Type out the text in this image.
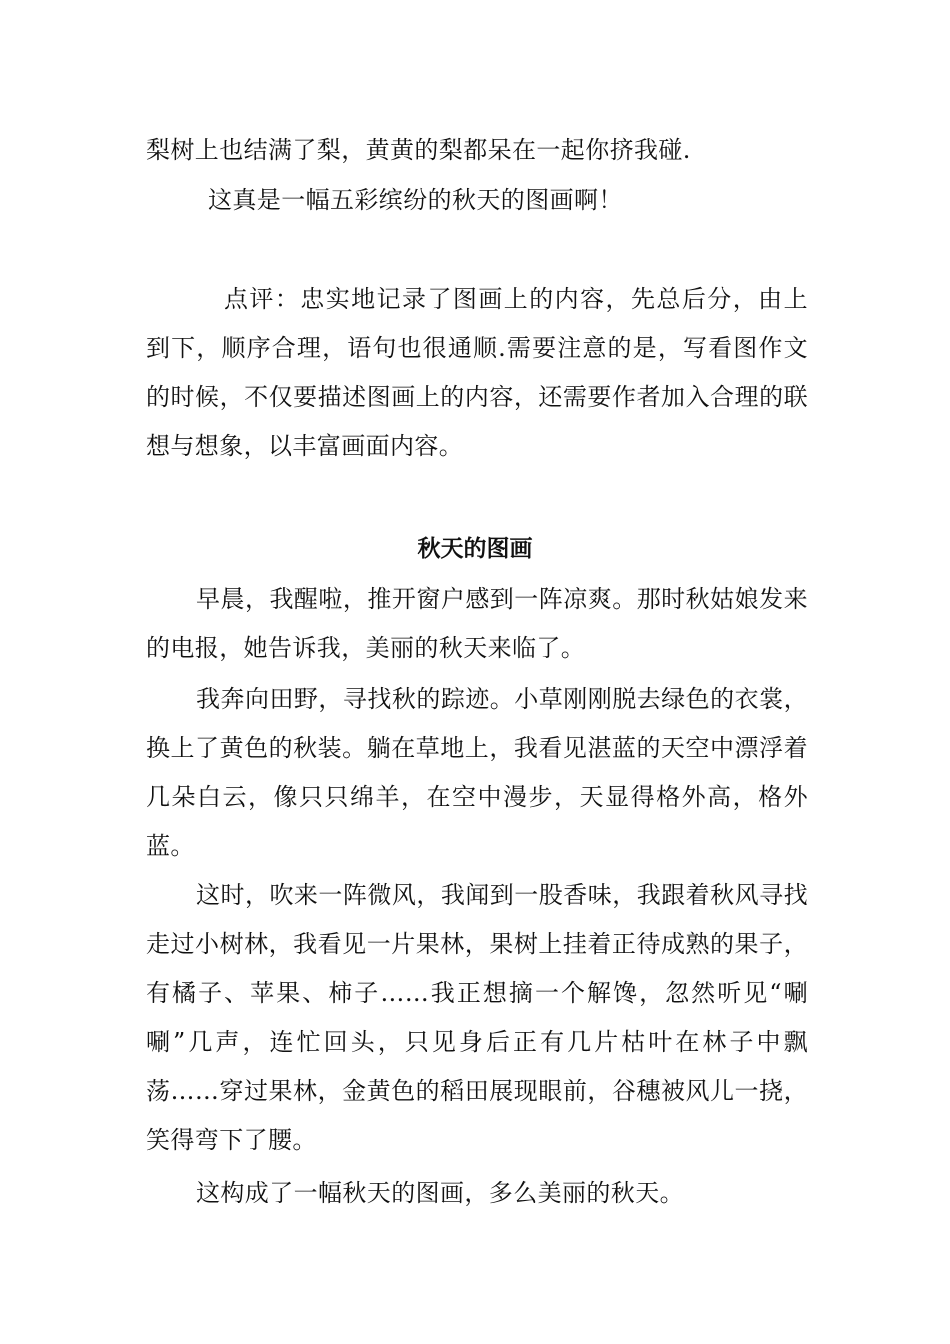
梨树上也结满了梨，黄黄的梨都呆在一起你挤我碰.

这真是一幅五彩缤纷的秋天的图画啊！

点评：忠实地记录了图画上的内容，先总后分，由上到下，顺序合理，语句也很通顺.需要注意的是，写看图作文的时候，不仅要描述图画上的内容，还需要作者加入合理的联想与想象，以丰富画面内容。

秋天的图画

早晨，我醒啦，推开窗户感到一阵凉爽。那时秋姑娘发来的电报，她告诉我，美丽的秋天来临了。

我奔向田野，寻找秋的踪迹。小草刚刚脱去绿色的衣裳，换上了黄色的秋装。躺在草地上，我看见湛蓝的天空中漂浮着几朵白云，像只只绵羊，在空中漫步，天显得格外高，格外蓝。

这时，吹来一阵微风，我闻到一股香味，我跟着秋风寻找走过小树林，我看见一片果林，果树上挂着正待成熟的果子，有橘子、苹果、柿子……我正想摘一个解馋，忽然听见“唰唰”几声，连忙回头，只见身后正有几片枯叶在林子中飘荡……穿过果林，金黄色的稻田展现眼前，谷穗被风儿一挠，笑得弯下了腰。

这构成了一幅秋天的图画，多么美丽的秋天。
